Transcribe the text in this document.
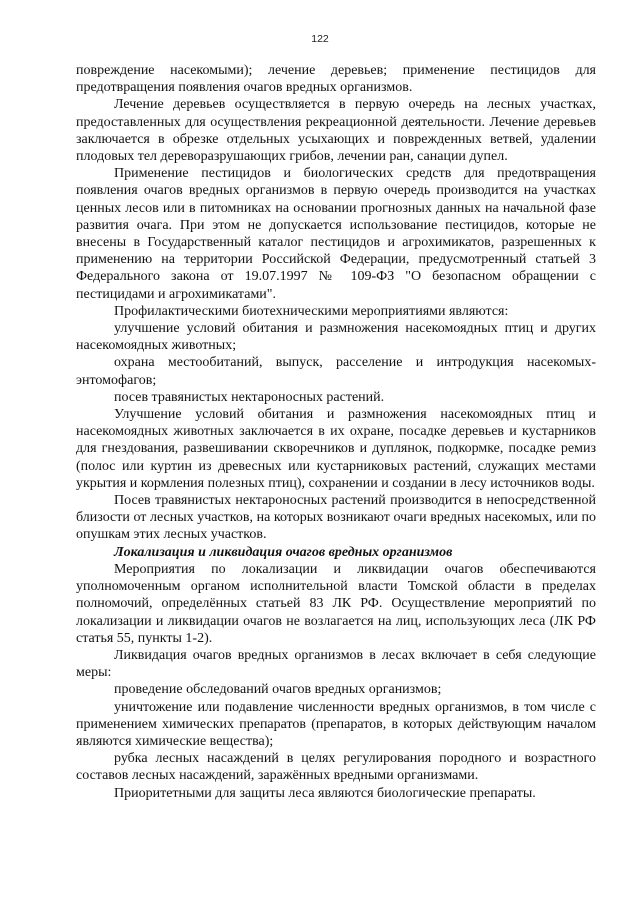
122

повреждение насекомыми); лечение деревьев; применение пестицидов для предотвращения появления очагов вредных организмов.

Лечение деревьев осуществляется в первую очередь на лесных участках, предоставленных для осуществления рекреационной деятельности. Лечение деревьев заключается в обрезке отдельных усыхающих и поврежденных ветвей, удалении плодовых тел дереворазрушающих грибов, лечении ран, санации дупел.

Применение пестицидов и биологических средств для предотвращения появления очагов вредных организмов в первую очередь производится на участках ценных лесов или в питомниках на основании прогнозных данных на начальной фазе развития очага. При этом не допускается использование пестицидов, которые не внесены в Государственный каталог пестицидов и агрохимикатов, разрешенных к применению на территории Российской Федерации, предусмотренный статьей 3 Федерального закона от 19.07.1997 № 109-ФЗ "О безопасном обращении с пестицидами и агрохимикатами".

Профилактическими биотехническими мероприятиями являются:

улучшение условий обитания и размножения насекомоядных птиц и других насекомоядных животных;

охрана местообитаний, выпуск, расселение и интродукция насекомых-энтомофагов;

посев травянистых нектароносных растений.

Улучшение условий обитания и размножения насекомоядных птиц и насекомоядных животных заключается в их охране, посадке деревьев и кустарников для гнездования, развешивании скворечников и дуплянок, подкормке, посадке ремиз (полос или куртин из древесных или кустарниковых растений, служащих местами укрытия и кормления полезных птиц), сохранении и создании в лесу источников воды.

Посев травянистых нектароносных растений производится в непосредственной близости от лесных участков, на которых возникают очаги вредных насекомых, или по опушкам этих лесных участков.

Локализация и ликвидация очагов вредных организмов

Мероприятия по локализации и ликвидации очагов обеспечиваются уполномоченным органом исполнительной власти Томской области в пределах полномочий, определённых статьей 83 ЛК РФ. Осуществление мероприятий по локализации и ликвидации очагов не возлагается на лиц, использующих леса (ЛК РФ статья 55, пункты 1-2).

Ликвидация очагов вредных организмов в лесах включает в себя следующие меры:

проведение обследований очагов вредных организмов;

уничтожение или подавление численности вредных организмов, в том числе с применением химических препаратов (препаратов, в которых действующим началом являются химические вещества);

рубка лесных насаждений в целях регулирования породного и возрастного составов лесных насаждений, заражённых вредными организмами.

Приоритетными для защиты леса являются биологические препараты.
